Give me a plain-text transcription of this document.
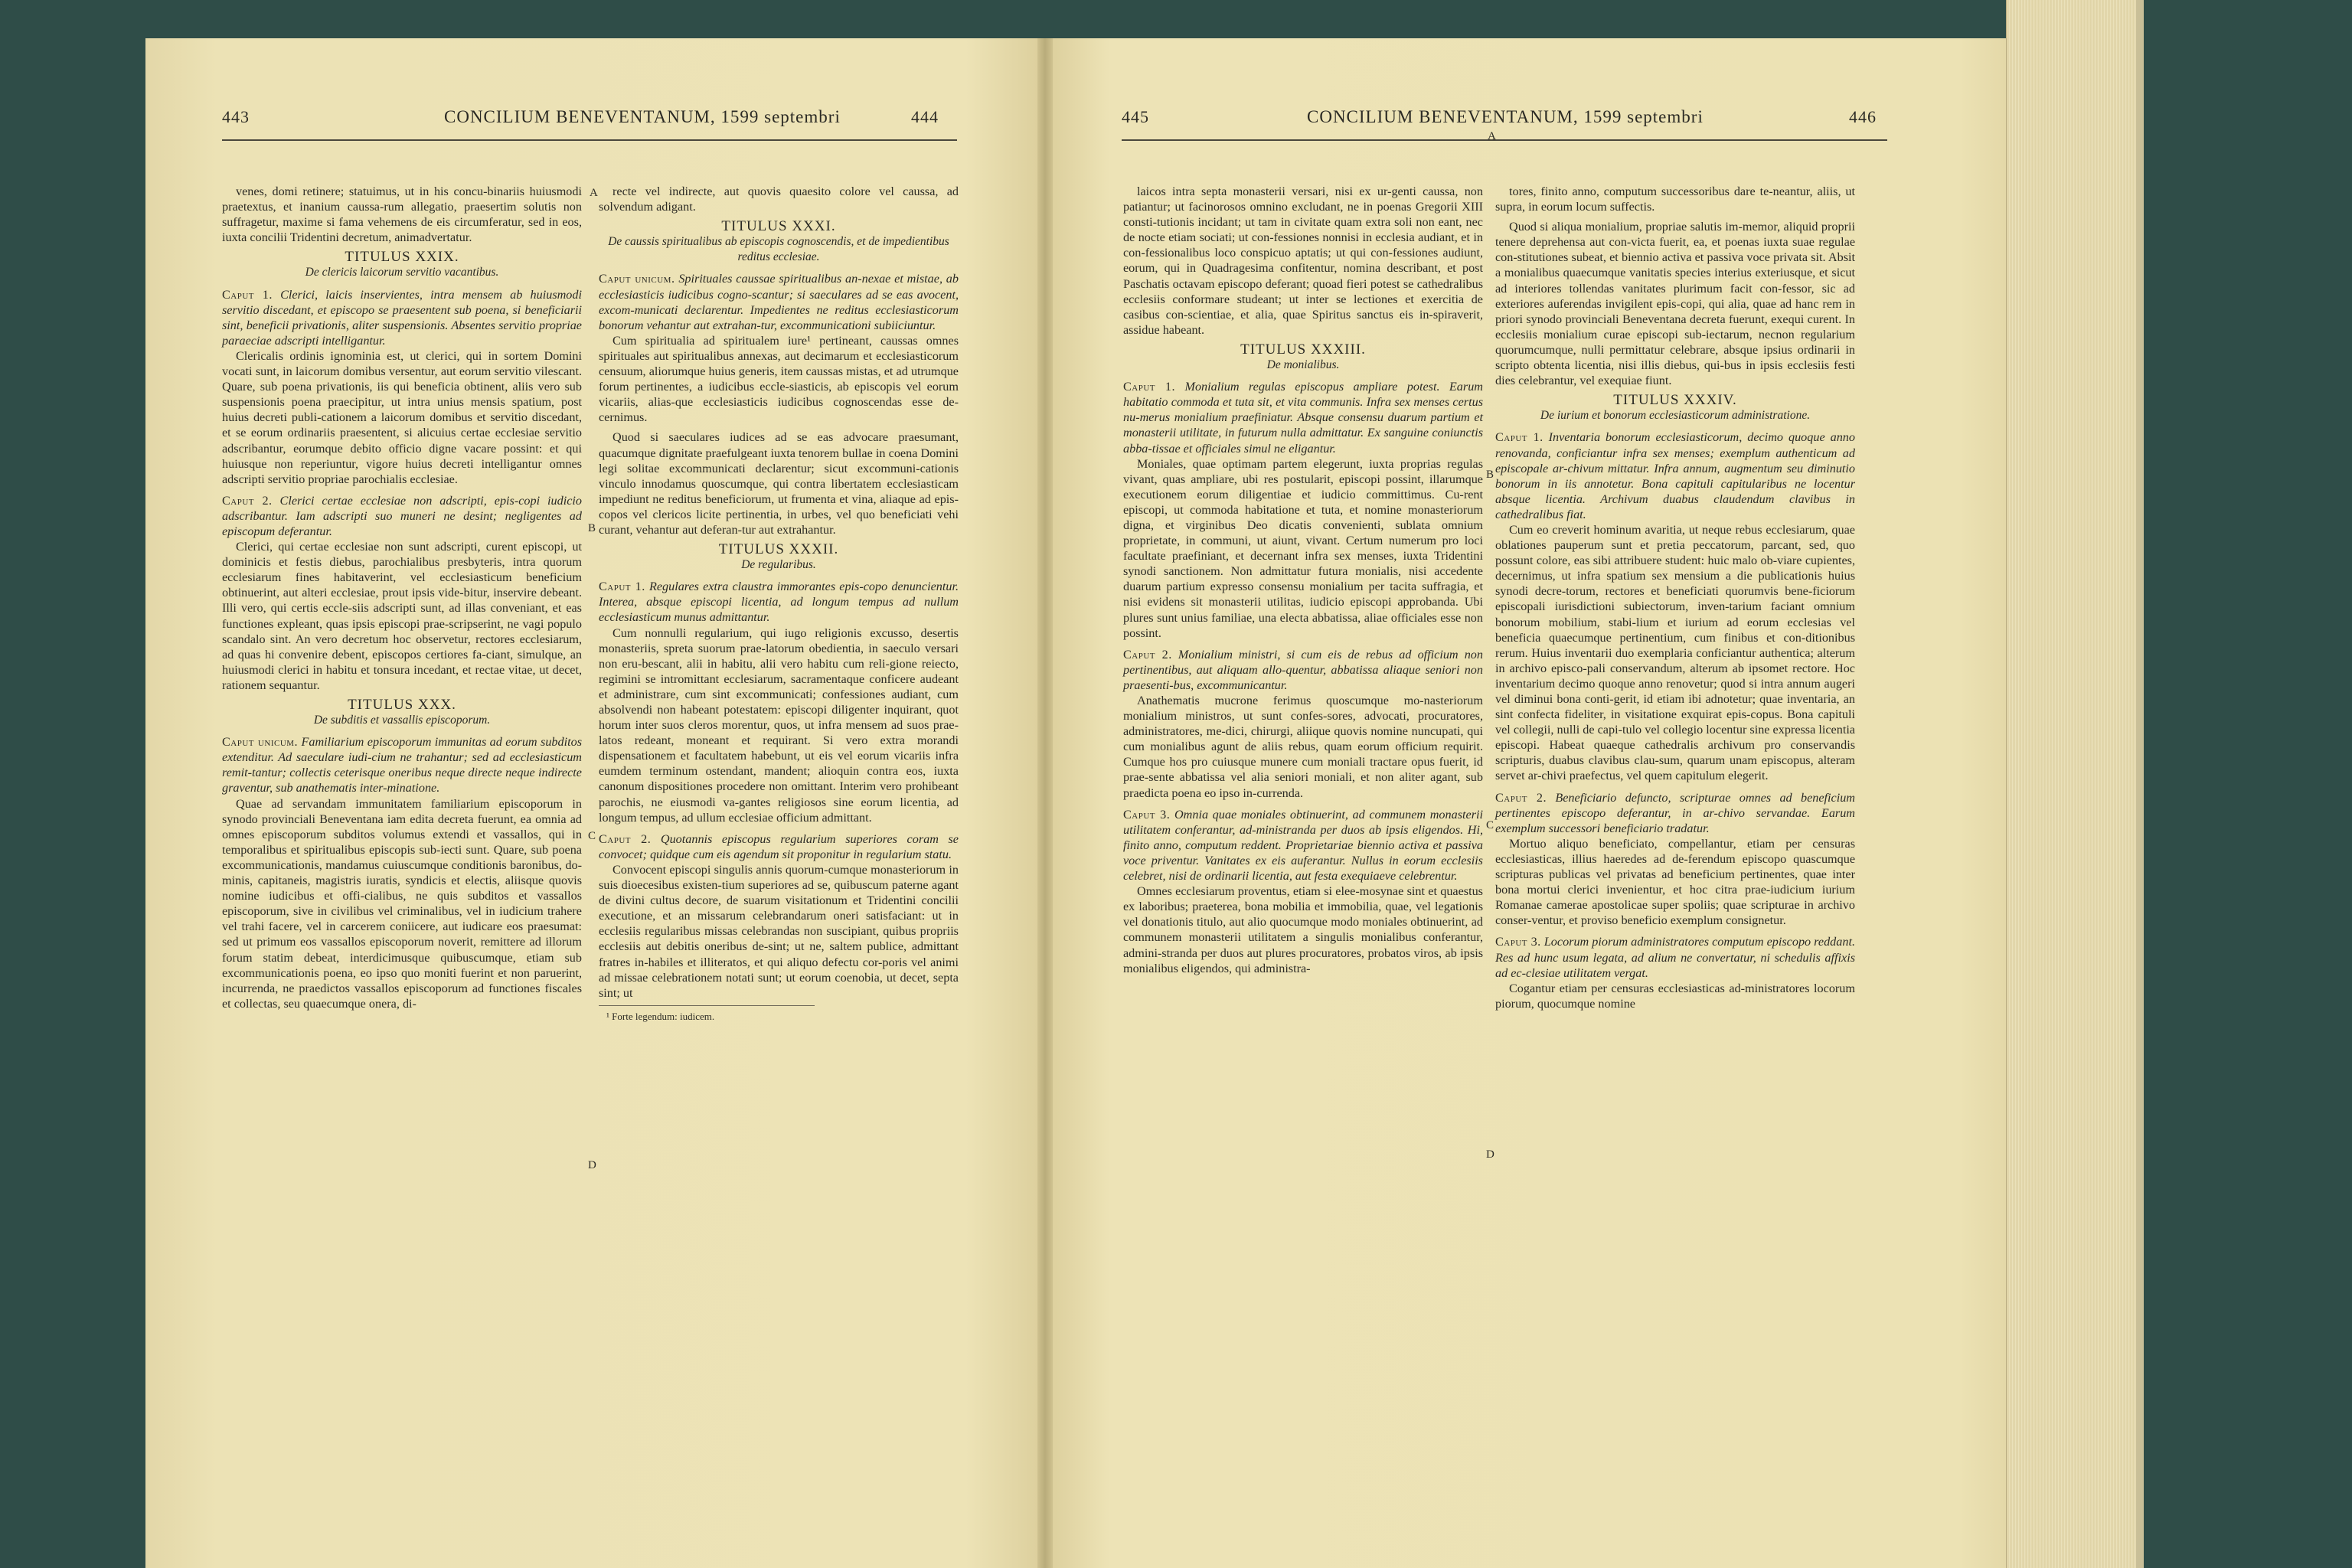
443	CONCILIUM BENEVENTANUM, 1599 septembri	444

venes, domi retinere; statuimus, ut in his concu-binariis huiusmodi praetextus, et inanium caussa-rum allegatio, praesertim solutis non suffragetur, maxime si fama vehemens de eis circumferatur, sed in eos, iuxta concilii Tridentini decretum, animadvertatur.

TITULUS XXIX.

De clericis laicorum servitio vacantibus.

Caput 1. Clerici, laicis inservientes, intra mensem ab huiusmodi servitio discedant, et episcopo se praesentent sub poena, si beneficiarii sint, beneficii privationis, aliter suspensionis. Absentes servitio propriae paraeciae adscripti intelligantur.

Clericalis ordinis ignominia est, ut clerici, qui in sortem Domini vocati sunt, in laicorum domibus versentur, aut eorum servitio vilescant. Quare, sub poena privationis, iis qui beneficia obtinent, aliis vero sub suspensionis poena praecipitur, ut intra unius mensis spatium, post huius decreti publi-cationem a laicorum domibus et servitio discedant, et se eorum ordinariis praesentent, si alicuius certae ecclesiae servitio adscribantur, eorumque debito officio digne vacare possint: et qui huiusque non reperiuntur, vigore huius decreti intelligantur omnes adscripti servitio propriae parochialis ecclesiae.

Caput 2. Clerici certae ecclesiae non adscripti, epis-copi iudicio adscribantur. Iam adscripti suo muneri ne desint; negligentes ad episcopum deferantur.

Clerici, qui certae ecclesiae non sunt adscripti, curent episcopi, ut dominicis et festis diebus, parochialibus presbyteris, intra quorum ecclesiarum fines habitaverint, vel ecclesiasticum beneficium obtinuerint, aut alteri ecclesiae, prout ipsis vide-bitur, inservire debeant. Illi vero, qui certis eccle-siis adscripti sunt, ad illas conveniant, et eas functiones expleant, quas ipsis episcopi prae-scripserint, ne vagi populo scandalo sint. An vero decretum hoc observetur, rectores ecclesiarum, ad quas hi convenire debent, episcopos certiores fa-ciant, simulque, an huiusmodi clerici in habitu et tonsura incedant, et rectae vitae, ut decet, rationem sequantur.

TITULUS XXX.

De subditis et vassallis episcoporum.

Caput unicum. Familiarium episcoporum immunitas ad eorum subditos extenditur. Ad saeculare iudi-cium ne trahantur; sed ad ecclesiasticum remit-tantur; collectis ceterisque oneribus neque directe neque indirecte graventur, sub anathematis inter-minatione.

Quae ad servandam immunitatem familiarium episcoporum in synodo provinciali Beneventana iam edita decreta fuerunt, ea omnia ad omnes episcoporum subditos volumus extendi et vassallos, qui in temporalibus et spiritualibus episcopis sub-iecti sunt. Quare, sub poena excommunicationis, mandamus cuiuscumque conditionis baronibus, do-minis, capitaneis, magistris iuratis, syndicis et electis, aliisque quovis nomine iudicibus et offi-cialibus, ne quis subditos et vassallos episcoporum, sive in civilibus vel criminalibus, vel in iudicium trahere vel trahi facere, vel in carcerem coniicere, aut iudicare eos praesumat: sed ut primum eos vassallos episcoporum noverit, remittere ad illorum forum statim debeat, interdicimusque quibuscumque, etiam sub excommunicationis poena, eo ipso quo moniti fuerint et non paruerint, incurrenda, ne praedictos vassallos episcoporum ad functiones fiscales et collectas, seu quaecumque onera, di-

recte vel indirecte, aut quovis quaesito colore vel caussa, ad solvendum adigant.

TITULUS XXXI.

De caussis spiritualibus ab episcopis cognoscendis, et de impedientibus reditus ecclesiae.

Caput unicum. Spirituales caussae spiritualibus an-nexae et mistae, ab ecclesiasticis iudicibus cogno-scantur; si saeculares ad se eas avocent, excom-municati declarentur. Impedientes ne reditus ecclesiasticorum bonorum vehantur aut extrahan-tur, excommunicationi subiiciuntur.

Cum spiritualia ad spiritualem iure¹ pertineant, caussas omnes spirituales aut spiritualibus annexas, aut decimarum et ecclesiasticorum censuum, aliorumque huius generis, item caussas mistas, et ad utrumque forum pertinentes, a iudicibus eccle-siasticis, ab episcopis vel eorum vicariis, alias-que ecclesiasticis iudicibus cognoscendas esse de-cernimus.

Quod si saeculares iudices ad se eas advocare praesumant, quacumque dignitate praefulgeant iuxta tenorem bullae in coena Domini legi solitae excommunicati declarentur; sicut excommuni-cationis vinculo innodamus quoscumque, qui contra libertatem ecclesiasticam impediunt ne reditus beneficiorum, ut frumenta et vina, aliaque ad epis-copos vel clericos licite pertinentia, in urbes, vel quo beneficiati vehi curant, vehantur aut deferan-tur aut extrahantur.

TITULUS XXXII.

De regularibus.

Caput 1. Regulares extra claustra immorantes epis-copo denuncientur. Interea, absque episcopi licentia, ad longum tempus ad nullum ecclesiasticum munus admittantur.

Cum nonnulli regularium, qui iugo religionis excusso, desertis monasteriis, spreta suorum prae-latorum obedientia, in saeculo versari non eru-bescant, alii in habitu, alii vero habitu cum reli-gione reiecto, regimini se intromittant ecclesiarum, sacramentaque conficere audeant et administrare, cum sint excommunicati; confessiones audiant, cum absolvendi non habeant potestatem: episcopi diligenter inquirant, quot horum inter suos cleros morentur, quos, ut infra mensem ad suos prae-latos redeant, moneant et requirant. Si vero extra morandi dispensationem et facultatem habebunt, ut eis vel eorum vicariis infra eumdem terminum ostendant, mandent; alioquin contra eos, iuxta canonum dispositiones procedere non omittant. Interim vero prohibeant parochis, ne eiusmodi va-gantes religiosos sine eorum licentia, ad longum tempus, ad ullum ecclesiae officium admittant.

Caput 2. Quotannis episcopus regularium superiores coram se convocet; quidque cum eis agendum sit proponitur in regularium statu.

Convocent episcopi singulis annis quorum-cumque monasteriorum in suis dioecesibus existen-tium superiores ad se, quibuscum paterne agant de divini cultus decore, de suarum visitationum et Tridentini concilii executione, et an missarum celebrandarum oneri satisfaciant: ut in ecclesiis regularibus missas celebrandas non suscipiant, quibus propriis ecclesiis aut debitis oneribus de-sint; ut ne, saltem publice, admittant fratres in-habiles et illiteratos, et qui aliquo defectu cor-poris vel animi ad missae celebrationem notati sunt; ut eorum coenobia, ut decet, septa sint; ut

¹ Forte legendum: iudicem.

A
B
C
D
445	CONCILIUM BENEVENTANUM, 1599 septembri	446

laicos intra septa monasterii versari, nisi ex ur-genti caussa, non patiantur; ut facinorosos omnino excludant, ne in poenas Gregorii XIII consti-tutionis incidant; ut tam in civitate quam extra soli non eant, nec de nocte etiam sociati; ut con-fessiones nonnisi in ecclesia audiant, et in con-fessionalibus loco conspicuo aptatis; ut qui con-fessiones audiunt, eorum, qui in Quadragesima confitentur, nomina describant, et post Paschatis octavam episcopo deferant; quoad fieri potest se cathedralibus ecclesiis conformare studeant; ut inter se lectiones et exercitia de casibus con-scientiae, et alia, quae Spiritus sanctus eis in-spiraverit, assidue habeant.

TITULUS XXXIII.

De monialibus.

Caput 1. Monialium regulas episcopus ampliare potest. Earum habitatio commoda et tuta sit, et vita communis. Infra sex menses certus nu-merus monialium praefiniatur. Absque consensu duarum partium et monasterii utilitate, in futurum nulla admittatur. Ex sanguine coniunctis abba-tissae et officiales simul ne eligantur.

Moniales, quae optimam partem elegerunt, iuxta proprias regulas vivant, quas ampliare, ubi res postularit, episcopi possint, illarumque executionem eorum diligentiae et iudicio committimus. Cu-rent episcopi, ut commoda habitatione et tuta, et nomine monasteriorum digna, et virginibus Deo dicatis convenienti, sublata omnium proprietate, in communi, ut aiunt, vivant. Certum numerum pro loci facultate praefiniant, et decernant infra sex menses, iuxta Tridentini synodi sanctionem. Non admittatur futura monialis, nisi accedente duarum partium expresso consensu monialium per tacita suffragia, et nisi evidens sit monasterii utilitas, iudicio episcopi approbanda. Ubi plures sunt unius familiae, una electa abbatissa, aliae officiales esse non possint.

Caput 2. Monialium ministri, si cum eis de rebus ad officium non pertinentibus, aut aliquam allo-quentur, abbatissa aliaque seniori non praesenti-bus, excommunicantur.

Anathematis mucrone ferimus quoscumque mo-nasteriorum monialium ministros, ut sunt confes-sores, advocati, procuratores, administratores, me-dici, chirurgi, aliique quovis nomine nuncupati, qui cum monialibus agunt de aliis rebus, quam eorum officium requirit. Cumque hos pro cuiusque munere cum moniali tractare opus fuerit, id prae-sente abbatissa vel alia seniori moniali, et non aliter agant, sub praedicta poena eo ipso in-currenda.

Caput 3. Omnia quae moniales obtinuerint, ad communem monasterii utilitatem conferantur, ad-ministranda per duos ab ipsis eligendos. Hi, finito anno, computum reddent. Proprietariae biennio activa et passiva voce priventur. Vanitates ex eis auferantur. Nullus in eorum ecclesiis celebret, nisi de ordinarii licentia, aut festa exequiaeve celebrentur.

Omnes ecclesiarum proventus, etiam si elee-mosynae sint et quaestus ex laboribus; praeterea, bona mobilia et immobilia, quae, vel legationis vel donationis titulo, aut alio quocumque modo moniales obtinuerint, ad communem monasterii utilitatem a singulis monialibus conferantur, admini-stranda per duos aut plures procuratores, probatos viros, ab ipsis monialibus eligendos, qui administra-

tores, finito anno, computum successoribus dare te-neantur, aliis, ut supra, in eorum locum suffectis.

Quod si aliqua monialium, propriae salutis im-memor, aliquid proprii tenere deprehensa aut con-victa fuerit, ea, et poenas iuxta suae regulae con-stitutiones subeat, et biennio activa et passiva voce privata sit. Absit a monialibus quaecumque vanitatis species interius exteriusque, et sicut ad interiores tollendas vanitates plurimum facit con-fessor, sic ad exteriores auferendas invigilent epis-copi, qui alia, quae ad hanc rem in priori synodo provinciali Beneventana decreta fuerunt, exequi curent. In ecclesiis monialium curae episcopi sub-iectarum, necnon regularium quorumcumque, nulli permittatur celebrare, absque ipsius ordinarii in scripto obtenta licentia, nisi illis diebus, qui-bus in ipsis ecclesiis festi dies celebrantur, vel exequiae fiunt.

TITULUS XXXIV.

De iurium et bonorum ecclesiasticorum administratione.

Caput 1. Inventaria bonorum ecclesiasticorum, decimo quoque anno renovanda, conficiantur infra sex menses; exemplum authenticum ad episcopale ar-chivum mittatur. Infra annum, augmentum seu diminutio bonorum in iis annotetur. Bona capituli capitularibus ne locentur absque licentia. Archivum duabus claudendum clavibus in cathedralibus fiat.

Cum eo creverit hominum avaritia, ut neque rebus ecclesiarum, quae oblationes pauperum sunt et pretia peccatorum, parcant, sed, quo possunt colore, eas sibi attribuere student: huic malo ob-viare cupientes, decernimus, ut infra spatium sex mensium a die publicationis huius synodi decre-torum, rectores et beneficiati quorumvis bene-ficiorum episcopali iurisdictioni subiectorum, inven-tarium faciant omnium bonorum mobilium, stabi-lium et iurium ad eorum ecclesias vel beneficia quaecumque pertinentium, cum finibus et con-ditionibus rerum. Huius inventarii duo exemplaria conficiantur authentica; alterum in archivo episco-pali conservandum, alterum ab ipsomet rectore. Hoc inventarium decimo quoque anno renovetur; quod si intra annum augeri vel diminui bona conti-gerit, id etiam ibi adnotetur; quae inventaria, an sint confecta fideliter, in visitatione exquirat epis-copus. Bona capituli vel collegii, nulli de capi-tulo vel collegio locentur sine expressa licentia episcopi. Habeat quaeque cathedralis archivum pro conservandis scripturis, duabus clavibus clau-sum, quarum unam episcopus, alteram servet ar-chivi praefectus, vel quem capitulum elegerit.

Caput 2. Beneficiario defuncto, scripturae omnes ad beneficium pertinentes episcopo deferantur, in ar-chivo servandae. Earum exemplum successori beneficiario tradatur.

Mortuo aliquo beneficiato, compellantur, etiam per censuras ecclesiasticas, illius haeredes ad de-ferendum episcopo quascumque scripturas publicas vel privatas ad beneficium pertinentes, quae inter bona mortui clerici invenientur, et hoc citra prae-iudicium iurium Romanae camerae apostolicae super spoliis; quae scripturae in archivo conser-ventur, et proviso beneficio exemplum consignetur.

Caput 3. Locorum piorum administratores computum episcopo reddant. Res ad hunc usum legata, ad alium ne convertatur, ni schedulis affixis ad ec-clesiae utilitatem vergat.

Cogantur etiam per censuras ecclesiasticas ad-ministratores locorum piorum, quocumque nomine

A
B
C
D
